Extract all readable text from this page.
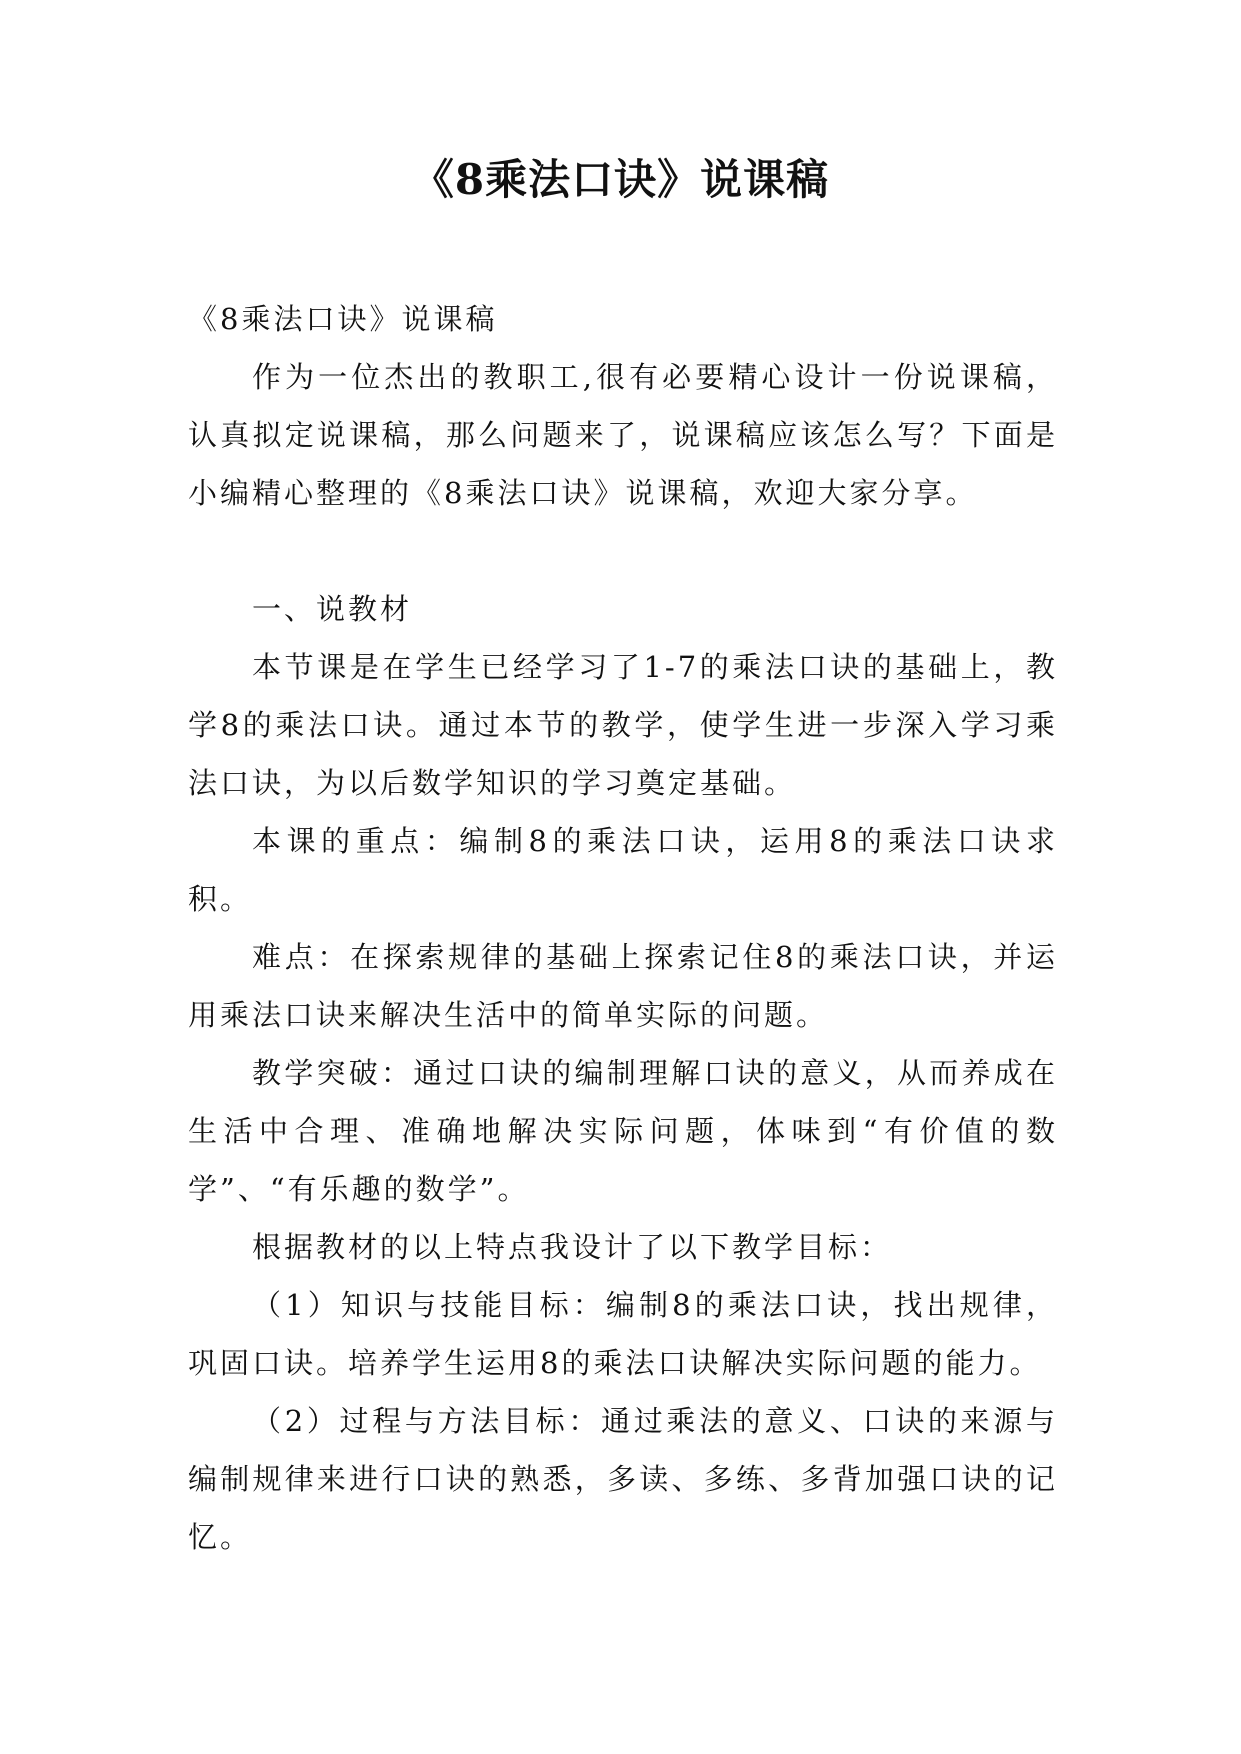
《8乘法口诀》说课稿

《8乘法口诀》说课稿

作为一位杰出的教职工,很有必要精心设计一份说课稿，认真拟定说课稿，那么问题来了，说课稿应该怎么写？下面是小编精心整理的《8乘法口诀》说课稿，欢迎大家分享。

一、说教材

本节课是在学生已经学习了1-7的乘法口诀的基础上，教学8的乘法口诀。通过本节的教学，使学生进一步深入学习乘法口诀，为以后数学知识的学习奠定基础。

本课的重点：编制8的乘法口诀，运用8的乘法口诀求积。

难点：在探索规律的基础上探索记住8的乘法口诀，并运用乘法口诀来解决生活中的简单实际的问题。

教学突破：通过口诀的编制理解口诀的意义，从而养成在生活中合理、准确地解决实际问题，体味到“有价值的数学”、“有乐趣的数学”。

根据教材的以上特点我设计了以下教学目标：

（1）知识与技能目标：编制8的乘法口诀，找出规律，巩固口诀。培养学生运用8的乘法口诀解决实际问题的能力。

（2）过程与方法目标：通过乘法的意义、口诀的来源与编制规律来进行口诀的熟悉，多读、多练、多背加强口诀的记忆。
